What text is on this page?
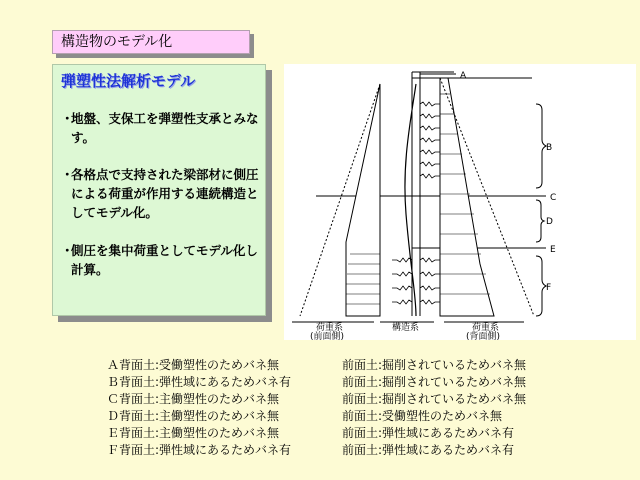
構造物のモデル化
弾塑性法解析モデル
・
地盤、支保工を弾塑性支承とみなす。
・
各格点で支持された梁部材に側圧による荷重が作用する連続構造としてモデル化。
・
側圧を集中荷重としてモデル化し計算。
A
B
C
D
E
F
荷重系
(前面側)
構造系	荷重系
(背面側)
Ａ背面土:受働塑性のためバネ無	前面土:掘削されているためバネ無
Ｂ背面土:弾性域にあるためバネ有	前面土:掘削されているためバネ無
Ｃ背面土:主働塑性のためバネ無	前面土:掘削されているためバネ無
Ｄ背面土:主働塑性のためバネ無	前面土:受働塑性のためバネ無
Ｅ背面土:主働塑性のためバネ無	前面土:弾性域にあるためバネ有
Ｆ背面土:弾性域にあるためバネ有	前面土:弾性域にあるためバネ有
